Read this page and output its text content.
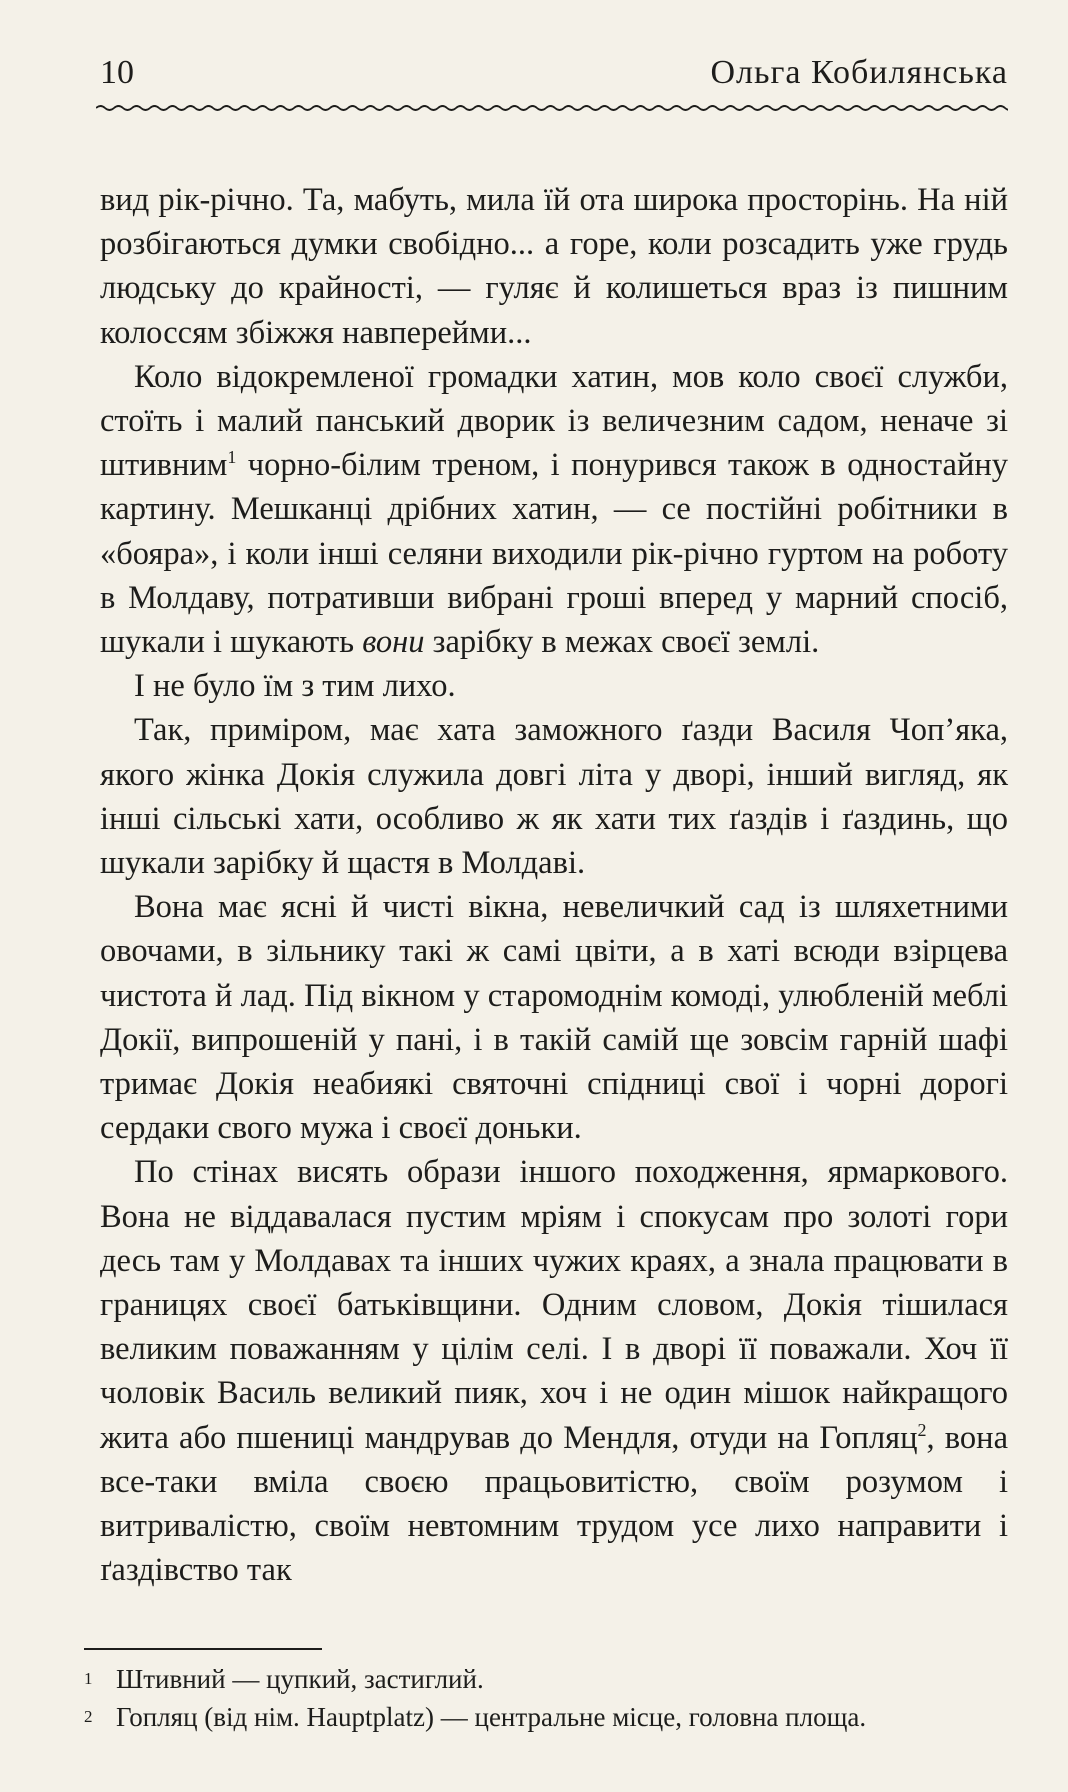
10	Ольга Кобилянська

вид рік-річно. Та, мабуть, мила їй ота широка просторінь. На ній розбігаються думки свобідно... а горе, коли розсадить уже грудь людську до крайності, — гуляє й колишеться враз із пишним колоссям збіжжя навперейми...

Коло відокремленої громадки хатин, мов коло своєї служби, стоїть і малий панський дворик із величезним садом, неначе зі штивним$^1$ чорно-білим треном, і понурився також в одностайну картину. Мешканці дрібних хатин, — се постійні робітники в «бояра», і коли інші селяни виходили рік-річно гуртом на роботу в Молдаву, потративши вибрані гроші вперед у марний спосіб, шукали і шукають вони зарібку в межах своєї землі.

І не було їм з тим лихо.

Так, приміром, має хата заможного ґазди Василя Чоп’яка, якого жінка Докія служила довгі літа у дворі, інший вигляд, як інші сільські хати, особливо ж як хати тих ґаздів і ґаздинь, що шукали зарібку й щастя в Молдаві.

Вона має ясні й чисті вікна, невеличкий сад із шляхетними овочами, в зільнику такі ж самі цвіти, а в хаті всюди взірцева чистота й лад. Під вікном у старомоднім комоді, улюбленій меблі Докії, випрошеній у пані, і в такій самій ще зовсім гарній шафі тримає Докія неабиякі святочні спідниці свої і чорні дорогі сердаки свого мужа і своєї доньки.

По стінах висять образи іншого походження, ярмаркового. Вона не віддавалася пустим мріям і спокусам про золоті гори десь там у Молдавах та інших чужих краях, а знала працювати в границях своєї батьківщини. Одним словом, Докія тішилася великим поважанням у цілім селі. І в дворі її поважали. Хоч її чоловік Василь великий пияк, хоч і не один мішок найкращого жита або пшениці мандрував до Мендля, отуди на Гопляц$^2$, вона все-таки вміла своєю працьовитістю, своїм розумом і витривалістю, своїм невтомним трудом усе лихо направити і ґаздівство так

1 Штивний — цупкий, застиглий.
2 Гопляц (від нім. Hauptplatz) — центральне місце, головна площа.
